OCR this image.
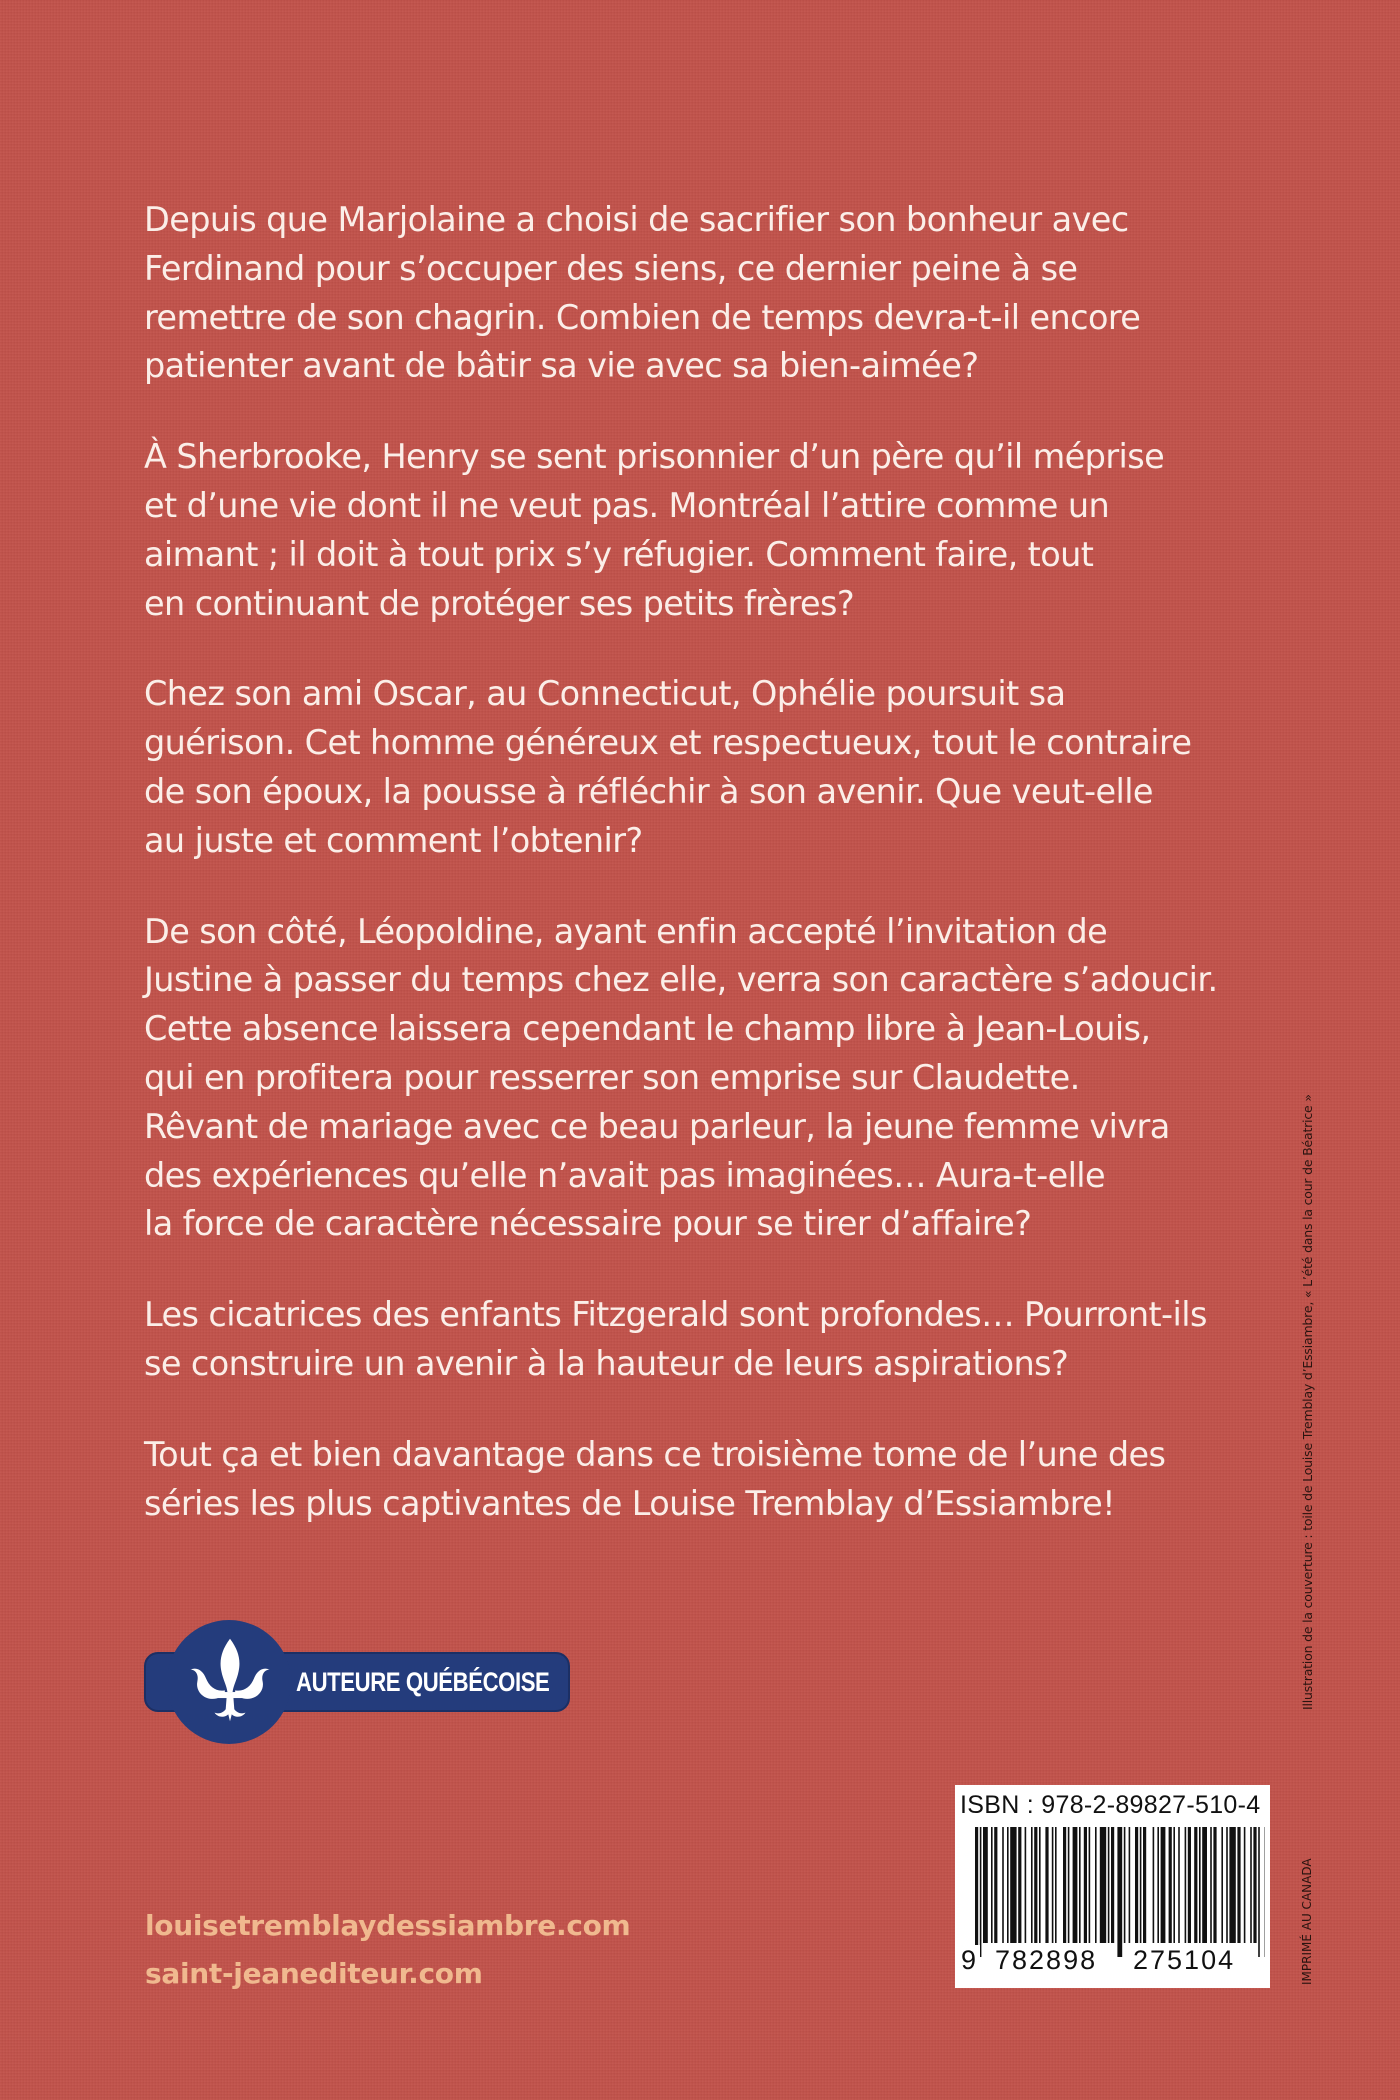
Depuis que Marjolaine a choisi de sacrifier son bonheur avec
Ferdinand pour s’occuper des siens, ce dernier peine à se
remettre de son chagrin. Combien de temps devra-t-il encore
patienter avant de bâtir sa vie avec sa bien-aimée?

À Sherbrooke, Henry se sent prisonnier d’un père qu’il méprise
et d’une vie dont il ne veut pas. Montréal l’attire comme un
aimant ; il doit à tout prix s’y réfugier. Comment faire, tout
en continuant de protéger ses petits frères?

Chez son ami Oscar, au Connecticut, Ophélie poursuit sa
guérison. Cet homme généreux et respectueux, tout le contraire
de son époux, la pousse à réfléchir à son avenir. Que veut-elle
au juste et comment l’obtenir?

De son côté, Léopoldine, ayant enfin accepté l’invitation de
Justine à passer du temps chez elle, verra son caractère s’adoucir.
Cette absence laissera cependant le champ libre à Jean-Louis,
qui en profitera pour resserrer son emprise sur Claudette.
Rêvant de mariage avec ce beau parleur, la jeune femme vivra
des expériences qu’elle n’avait pas imaginées… Aura-t-elle
la force de caractère nécessaire pour se tirer d’affaire?

Les cicatrices des enfants Fitzgerald sont profondes… Pourront-ils
se construire un avenir à la hauteur de leurs aspirations?

Tout ça et bien davantage dans ce troisième tome de l’une des
séries les plus captivantes de Louise Tremblay d’Essiambre!

AUTEURE QUÉBÉCOISE
louisetremblaydessiambre.com
saint-jeanediteur.com
ISBN : 978-2-89827-510-4
9 782898 275104
Illustration de la couverture : toile de Louise Tremblay d’Essiambre, « L’été dans la cour de Béatrice »
IMPRIMÉ AU CANADA
